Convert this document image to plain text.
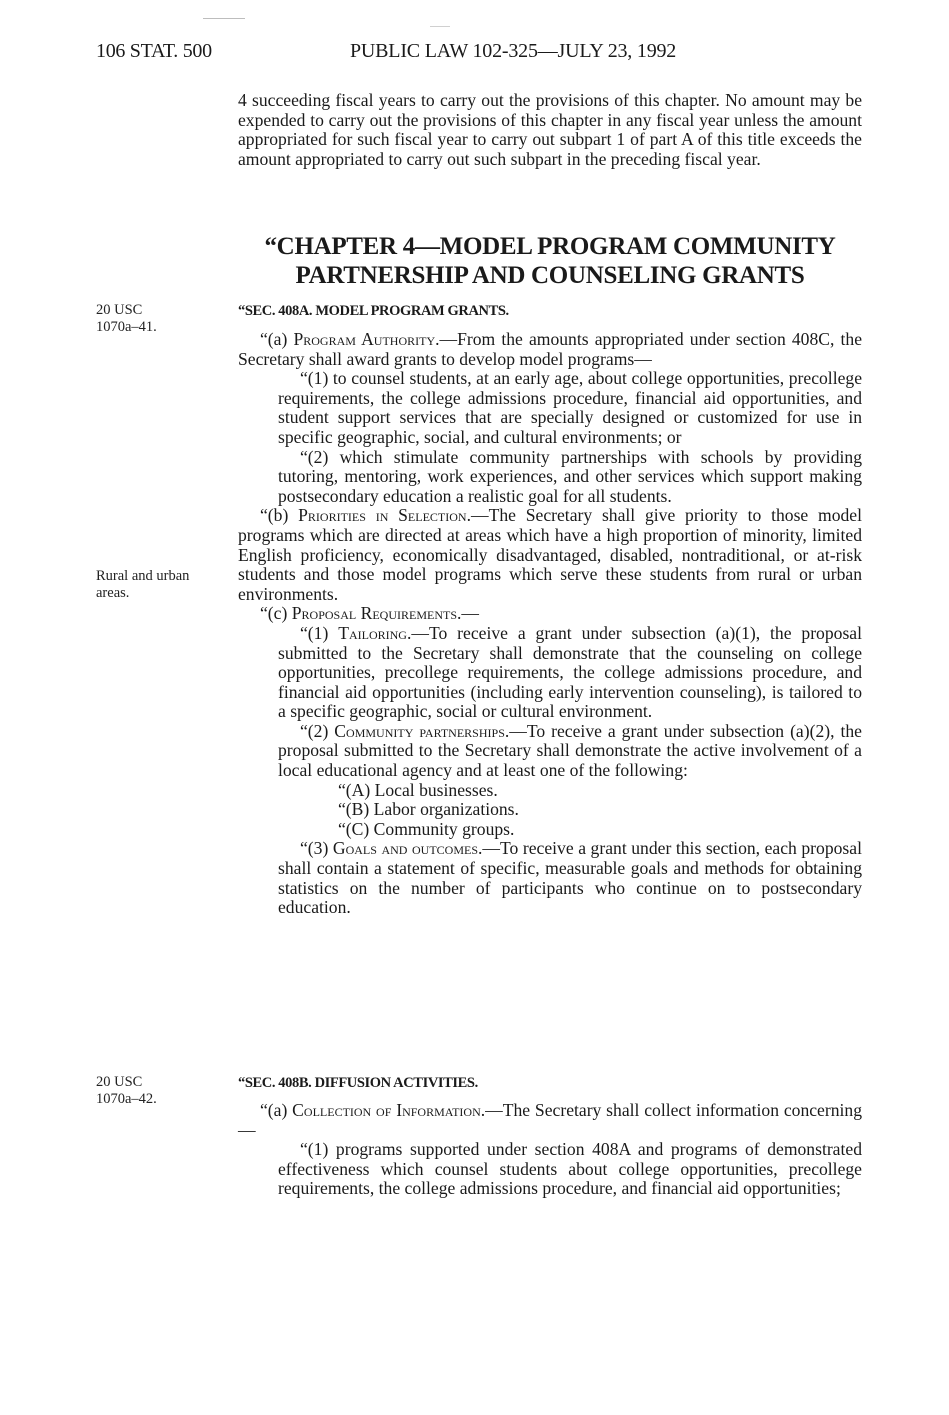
106 STAT. 500	PUBLIC LAW 102-325—JULY 23, 1992

4 succeeding fiscal years to carry out the provisions of this chapter. No amount may be expended to carry out the provisions of this chapter in any fiscal year unless the amount appropriated for such fiscal year to carry out subpart 1 of part A of this title exceeds the amount appropriated to carry out such subpart in the preceding fiscal year.

“CHAPTER 4—MODEL PROGRAM COMMUNITY
PARTNERSHIP AND COUNSELING GRANTS
20 USC
1070a–41.
Rural and urban
areas.
20 USC
1070a–42.
“SEC. 408A. MODEL PROGRAM GRANTS.

“(a) Program Authority.—From the amounts appropriated under section 408C, the Secretary shall award grants to develop model programs—

“(1) to counsel students, at an early age, about college opportunities, precollege requirements, the college admissions procedure, financial aid opportunities, and student support services that are specially designed or customized for use in specific geographic, social, and cultural environments; or

“(2) which stimulate community partnerships with schools by providing tutoring, mentoring, work experiences, and other services which support making postsecondary education a realistic goal for all students.

“(b) Priorities in Selection.—The Secretary shall give priority to those model programs which are directed at areas which have a high proportion of minority, limited English proficiency, economically disadvantaged, disabled, nontraditional, or at-risk students and those model programs which serve these students from rural or urban environments.

“(c) Proposal Requirements.—

“(1) Tailoring.—To receive a grant under subsection (a)(1), the proposal submitted to the Secretary shall demonstrate that the counseling on college opportunities, precollege requirements, the college admissions procedure, and financial aid opportunities (including early intervention counseling), is tailored to a specific geographic, social or cultural environment.

“(2) Community partnerships.—To receive a grant under subsection (a)(2), the proposal submitted to the Secretary shall demonstrate the active involvement of a local educational agency and at least one of the following:

“(A) Local businesses.

“(B) Labor organizations.

“(C) Community groups.

“(3) Goals and outcomes.—To receive a grant under this section, each proposal shall contain a statement of specific, measurable goals and methods for obtaining statistics on the number of participants who continue on to postsecondary education.

“SEC. 408B. DIFFUSION ACTIVITIES.

“(a) Collection of Information.—The Secretary shall collect information concerning—

“(1) programs supported under section 408A and programs of demonstrated effectiveness which counsel students about college opportunities, precollege requirements, the college admissions procedure, and financial aid opportunities;
